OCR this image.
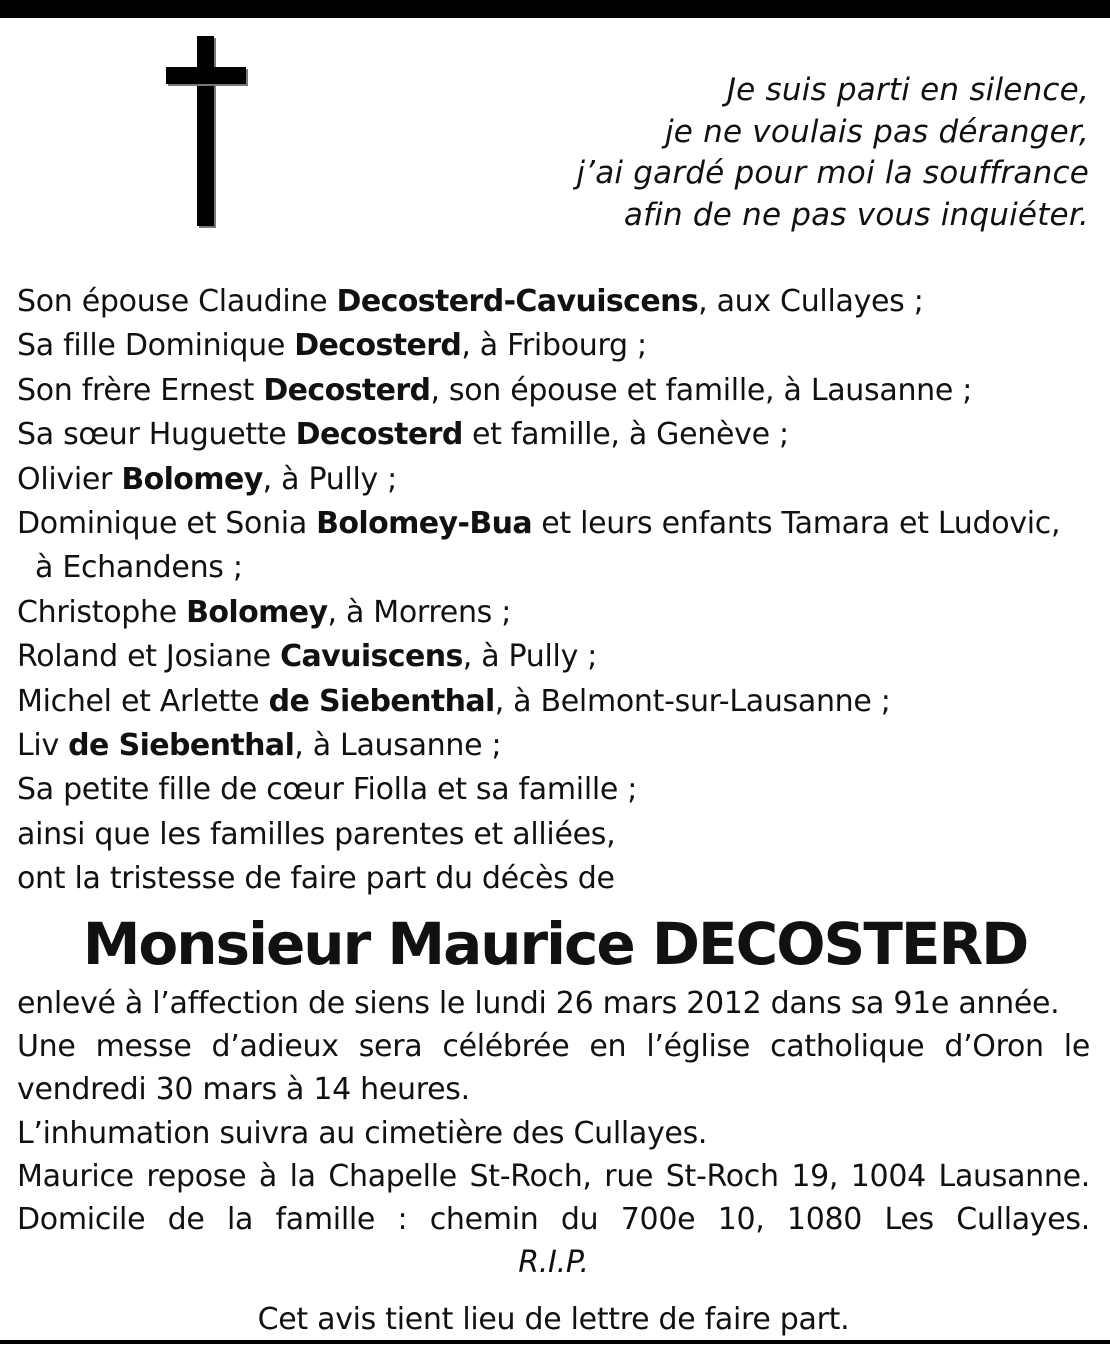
Je suis parti en silence,
je ne voulais pas déranger,
j’ai gardé pour moi la souffrance
afin de ne pas vous inquiéter.
Son épouse Claudine Decosterd-Cavuiscens, aux Cullayes ;
Sa fille Dominique Decosterd, à Fribourg ;
Son frère Ernest Decosterd, son épouse et famille, à Lausanne ;
Sa sœur Huguette Decosterd et famille, à Genève ;
Olivier Bolomey, à Pully ;
Dominique et Sonia Bolomey-Bua et leurs enfants Tamara et Ludovic,
à Echandens ;
Christophe Bolomey, à Morrens ;
Roland et Josiane Cavuiscens, à Pully ;
Michel et Arlette de Siebenthal, à Belmont-sur-Lausanne ;
Liv de Siebenthal, à Lausanne ;
Sa petite fille de cœur Fiolla et sa famille ;
ainsi que les familles parentes et alliées,
ont la tristesse de faire part du décès de
Monsieur Maurice DECOSTERD
enlevé à l’affection de siens le lundi 26 mars 2012 dans sa 91e année.
Une messe d’adieux sera célébrée en l’église catholique d’Oron le
vendredi 30 mars à 14 heures.
L’inhumation suivra au cimetière des Cullayes.
Maurice repose à la Chapelle St-Roch, rue St-Roch 19, 1004 Lausanne.
Domicile de la famille : chemin du 700e 10, 1080 Les Cullayes.
R.I.P.
Cet avis tient lieu de lettre de faire part.
